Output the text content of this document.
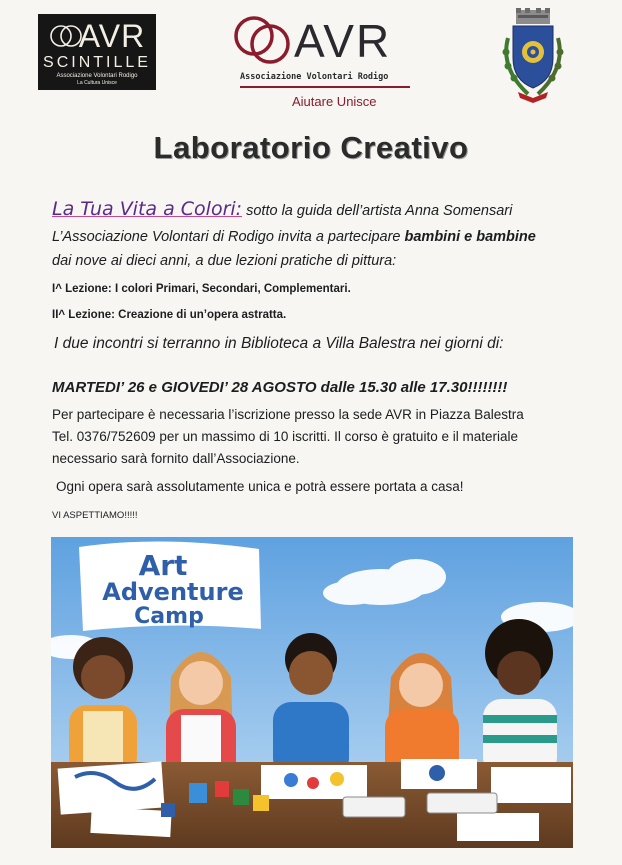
AVR
SCINTILLE
Associazione Volontari Rodigo
La Cultura Unisce
AVR
Associazione Volontari Rodigo
Aiutare Unisce
Laboratorio Creativo
La Tua Vita a Colori: sotto la guida dell’artista Anna Somensari
L’Associazione Volontari di Rodigo invita a partecipare bambini e bambine
dai nove ai dieci anni, a due lezioni pratiche di pittura:
I^ Lezione: I colori Primari, Secondari, Complementari.
II^ Lezione: Creazione di un’opera astratta.
I due incontri si terranno in Biblioteca a Villa Balestra nei giorni di:
MARTEDI’ 26 e GIOVEDI’ 28 AGOSTO dalle 15.30 alle 17.30!!!!!!!!
Per partecipare è necessaria l’iscrizione presso la sede AVR in Piazza Balestra
Tel. 0376/752609 per un massimo di 10 iscritti. Il corso è gratuito e il materiale
necessario sarà fornito dall’Associazione.
Ogni opera sarà assolutamente unica e potrà essere portata a casa!
VI ASPETTIAMO!!!!!
Art
Adventure
Camp
